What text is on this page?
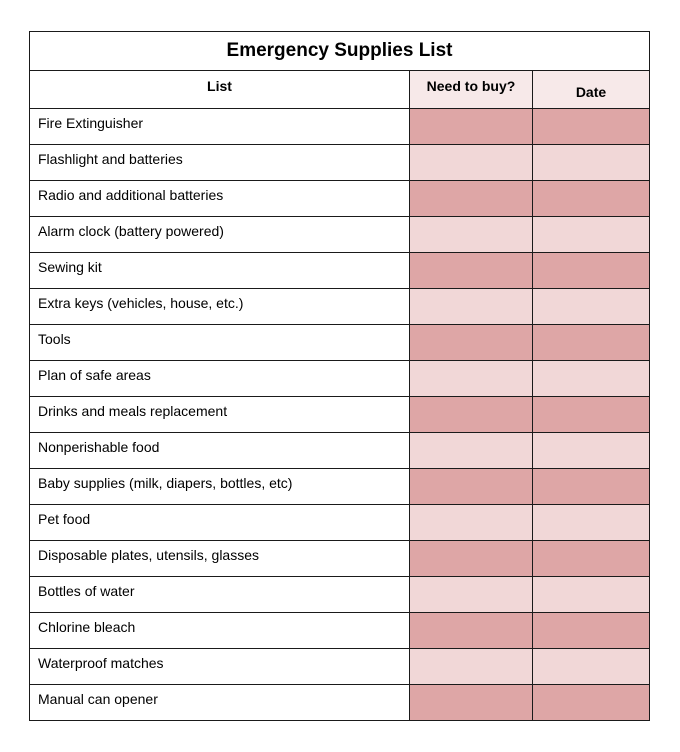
Emergency Supplies List		
List	Need to buy?	Date
Fire Extinguisher		
Flashlight and batteries		
Radio and additional batteries		
Alarm clock (battery powered)		
Sewing kit		
Extra keys (vehicles, house, etc.)		
Tools		
Plan of safe areas		
Drinks and meals replacement		
Nonperishable food		
Baby supplies (milk, diapers, bottles, etc)		
Pet food		
Disposable plates, utensils, glasses		
Bottles of water		
Chlorine bleach		
Waterproof matches		
Manual can opener		
